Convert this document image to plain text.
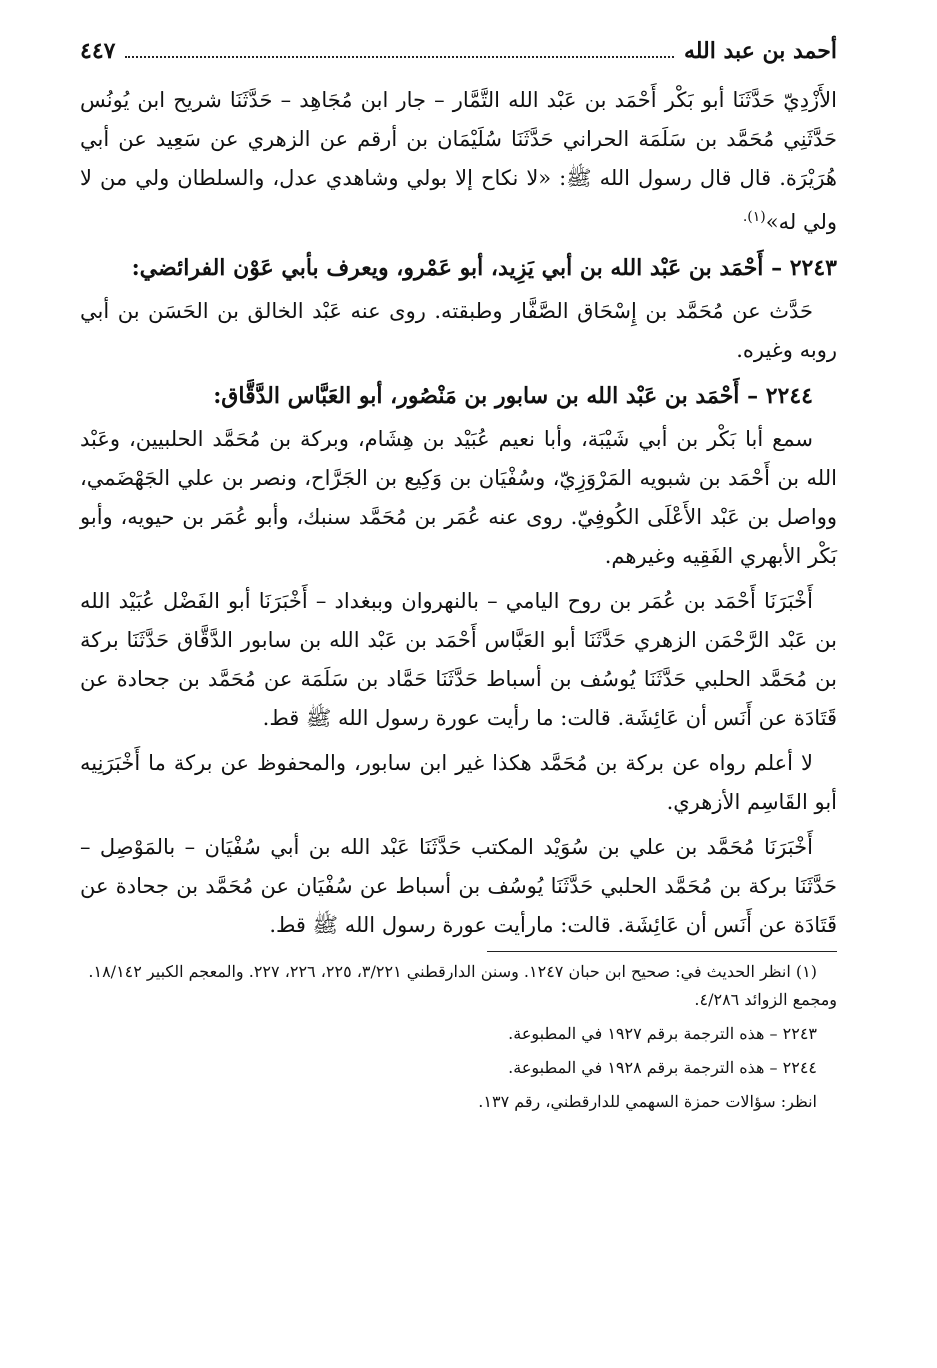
أحمد بن عبد الله
٤٤٧

الأَزْدِيّ حَدَّثَنَا أبو بَكْر أَحْمَد بن عَبْد الله التَّمَّار – جار ابن مُجَاهِد – حَدَّثَنَا شريح ابن يُونُس حَدَّثَنِي مُحَمَّد بن سَلَمَة الحراني حَدَّثَنَا سُلَيْمَان بن أرقم عن الزهري عن سَعِيد عن أبي هُرَيْرَة. قال قال رسول الله ﷺ: «لا نكاح إلا بولي وشاهدي عدل، والسلطان ولي من لا ولي له»$^{(١).}$

٢٢٤٣ – أَحْمَد بن عَبْد الله بن أبي يَزِيد، أبو عَمْرو، ويعرف بأبي عَوْن الفرائضي:

حَدَّث عن مُحَمَّد بن إِسْحَاق الصَّفَّار وطبقته. روى عنه عَبْد الخالق بن الحَسَن بن أبي روبه وغيره.

٢٢٤٤ – أَحْمَد بن عَبْد الله بن سابور بن مَنْصُور، أبو العَبَّاس الدَّقَّاق:

سمع أبا بَكْر بن أبي شَيْبَة، وأبا نعيم عُبَيْد بن هِشَام، وبركة بن مُحَمَّد الحلبيين، وعَبْد الله بن أَحْمَد بن شبويه المَرْوَزِيّ، وسُفْيَان بن وَكِيع بن الجَرَّاح، ونصر بن علي الجَهْضَمي، وواصل بن عَبْد الأَعْلَى الكُوفِيّ. روى عنه عُمَر بن مُحَمَّد سنبك، وأبو عُمَر بن حيويه، وأبو بَكْر الأبهري الفَقِيه وغيرهم.

أَخْبَرَنَا أَحْمَد بن عُمَر بن روح اليامي – بالنهروان وببغداد – أَخْبَرَنَا أبو الفَضْل عُبَيْد الله بن عَبْد الرَّحْمَن الزهري حَدَّثَنَا أبو العَبَّاس أَحْمَد بن عَبْد الله بن سابور الدَّقَّاق حَدَّثَنَا بركة بن مُحَمَّد الحلبي حَدَّثَنَا يُوسُف بن أسباط حَدَّثَنَا حَمَّاد بن سَلَمَة عن مُحَمَّد بن جحادة عن قَتَادَة عن أَنَس أن عَائِشَة. قالت: ما رأيت عورة رسول الله ﷺ قط.

لا أعلم رواه عن بركة بن مُحَمَّد هكذا غير ابن سابور، والمحفوظ عن بركة ما أَخْبَرَنِيه أبو القَاسِم الأزهري.

أَخْبَرَنَا مُحَمَّد بن علي بن سُوَيْد المكتب حَدَّثَنَا عَبْد الله بن أبي سُفْيَان – بالمَوْصِل – حَدَّثَنَا بركة بن مُحَمَّد الحلبي حَدَّثَنَا يُوسُف بن أسباط عن سُفْيَان عن مُحَمَّد بن جحادة عن قَتَادَة عن أَنَس أن عَائِشَة. قالت: مارأيت عورة رسول الله ﷺ قط.

(١) انظر الحديث في: صحيح ابن حبان ١٢٤٧. وسنن الدارقطني ٣/٢٢١، ٢٢٥، ٢٢٦، ٢٢٧. والمعجم الكبير ١٨/١٤٢. ومجمع الزوائد ٤/٢٨٦.

٢٢٤٣ – هذه الترجمة برقم ١٩٢٧ في المطبوعة.

٢٢٤٤ – هذه الترجمة برقم ١٩٢٨ في المطبوعة.

انظر: سؤالات حمزة السهمي للدارقطني، رقم ١٣٧.
